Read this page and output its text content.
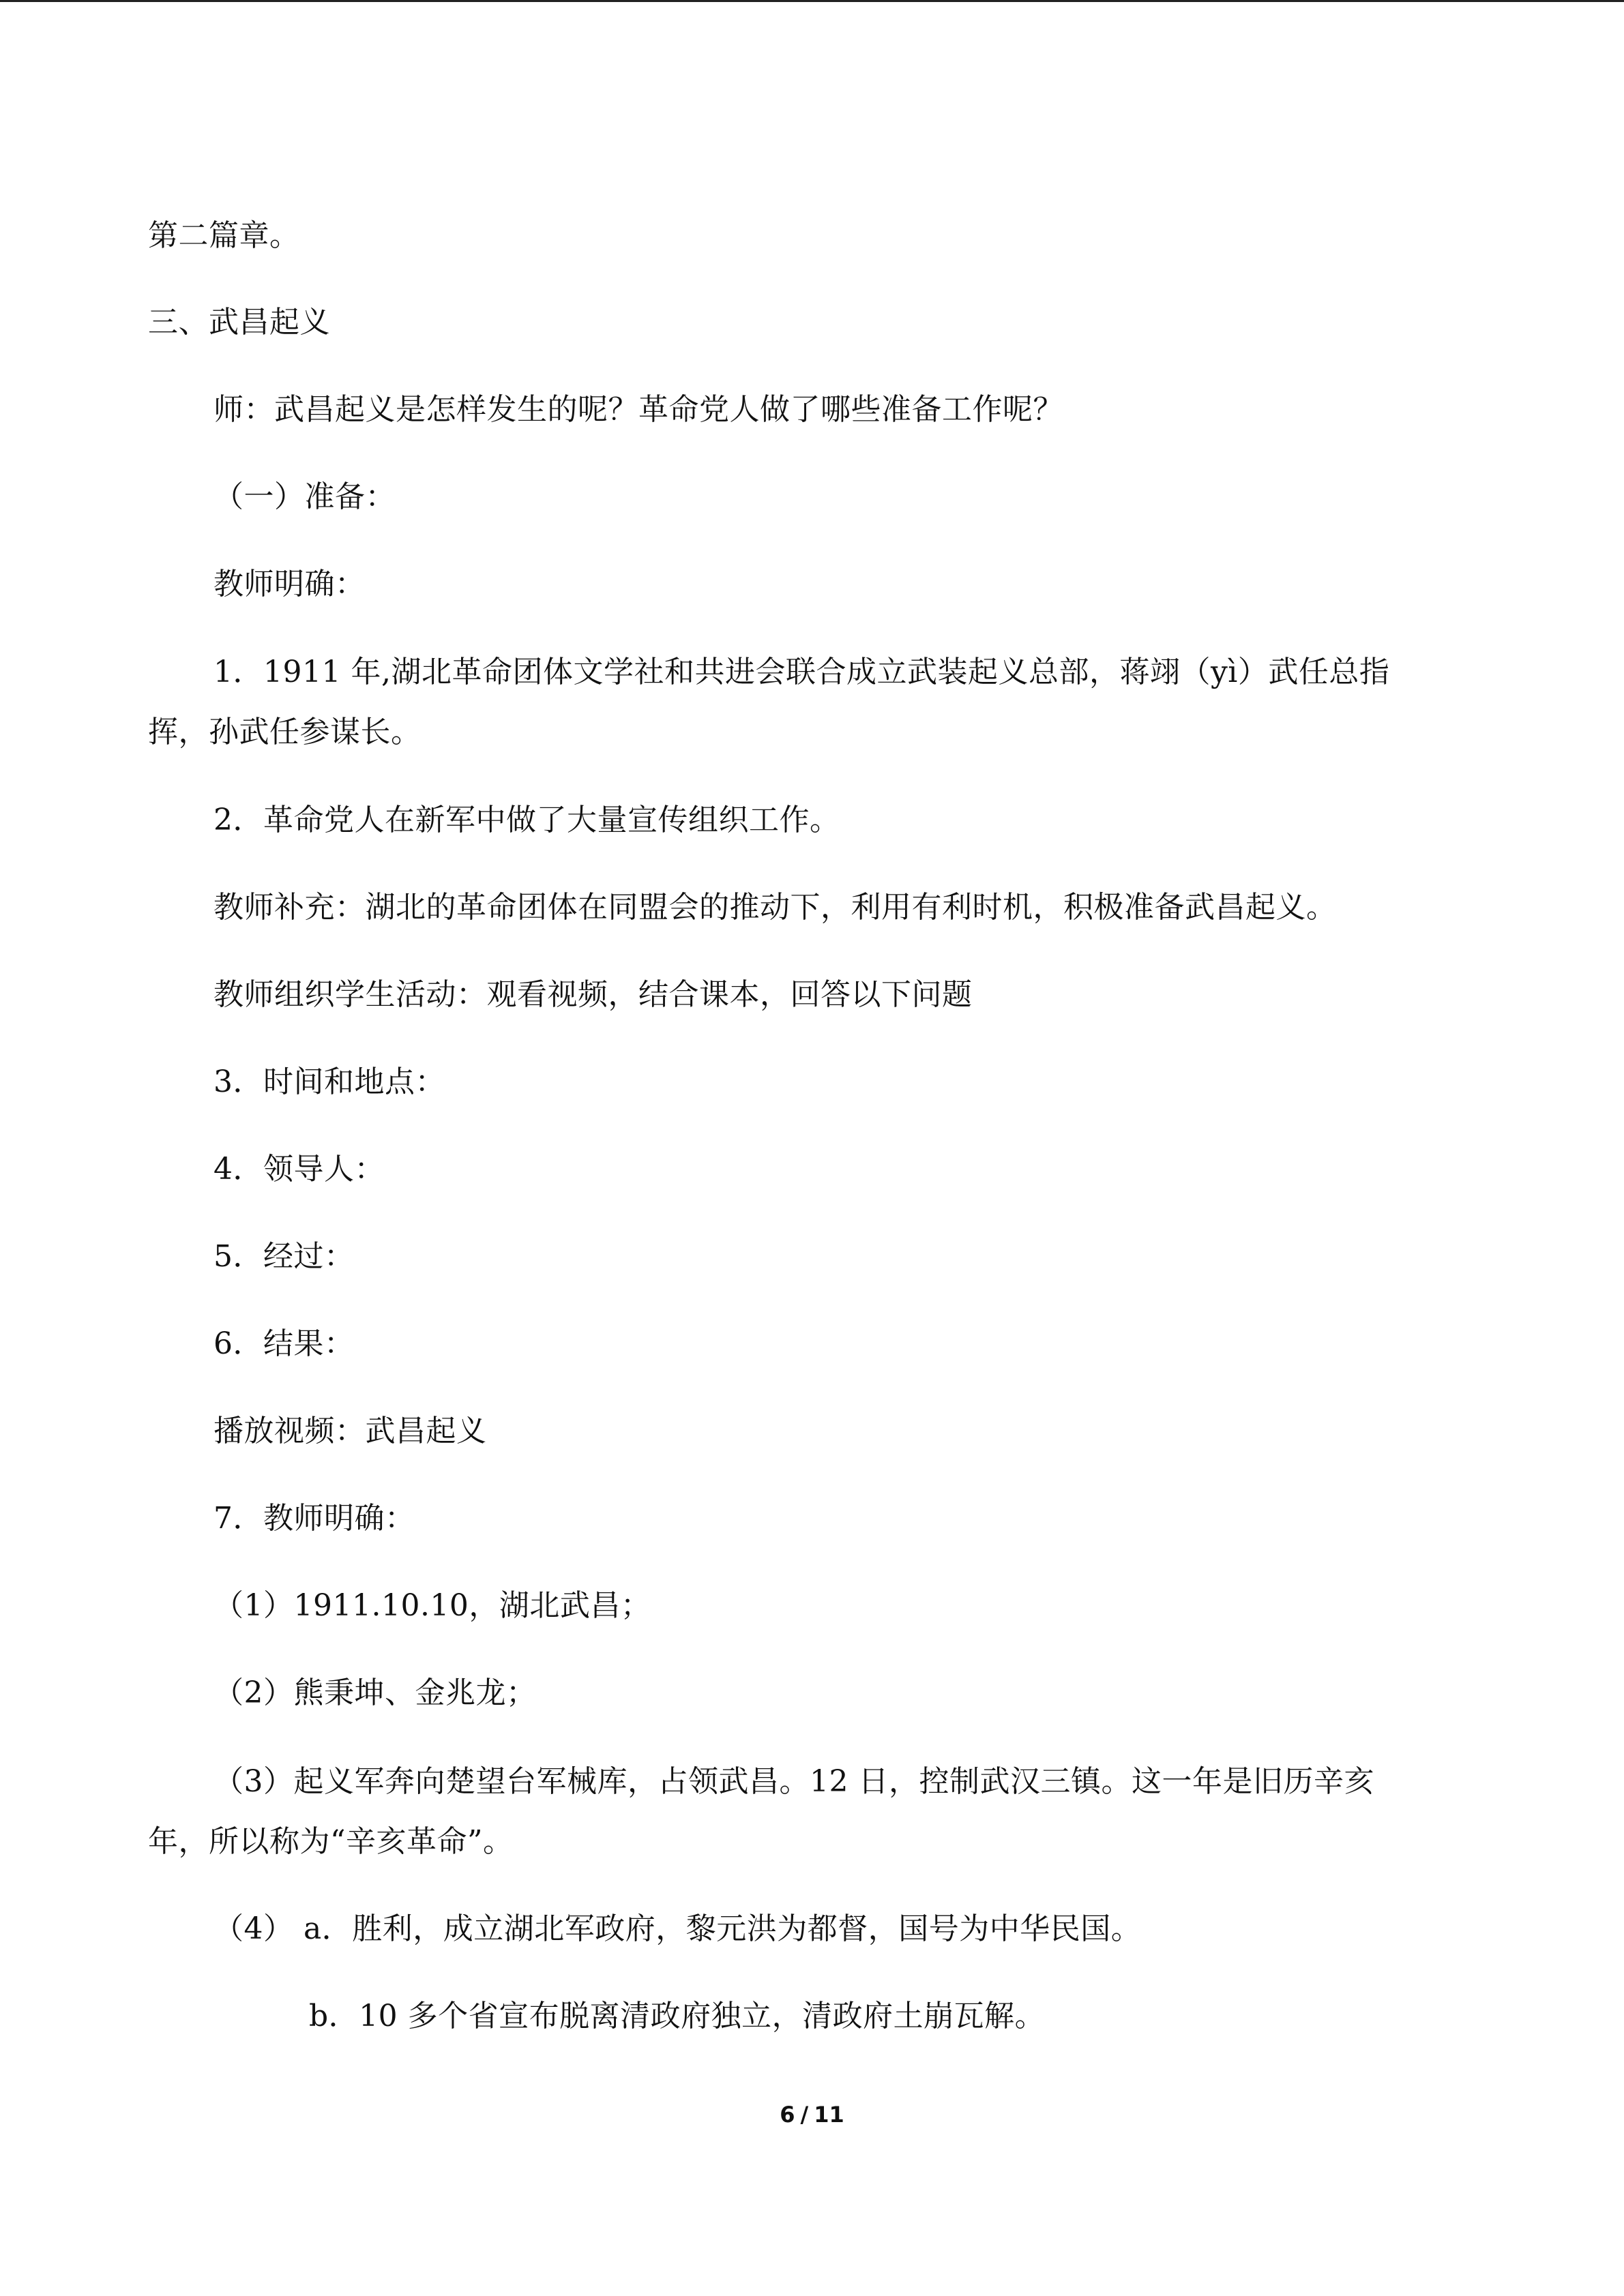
第二篇章。
三、武昌起义
师：武昌起义是怎样发生的呢？革命党人做了哪些准备工作呢？
（一）准备：
教师明确：
1．1911 年,湖北革命团体文学社和共进会联合成立武装起义总部，蒋翊（yì）武任总指
挥，孙武任参谋长。
2．革命党人在新军中做了大量宣传组织工作。
教师补充：湖北的革命团体在同盟会的推动下，利用有利时机，积极准备武昌起义。
教师组织学生活动：观看视频，结合课本，回答以下问题
3．时间和地点：
4．领导人：
5．经过：
6．结果：
播放视频：武昌起义
7．教师明确：
（1）1911.10.10，湖北武昌；
（2）熊秉坤、金兆龙；
（3）起义军奔向楚望台军械库，占领武昌。12 日，控制武汉三镇。这一年是旧历辛亥
年，所以称为“辛亥革命”。
（4） a．胜利，成立湖北军政府，黎元洪为都督，国号为中华民国。
b．10 多个省宣布脱离清政府独立，清政府土崩瓦解。
6 / 11
